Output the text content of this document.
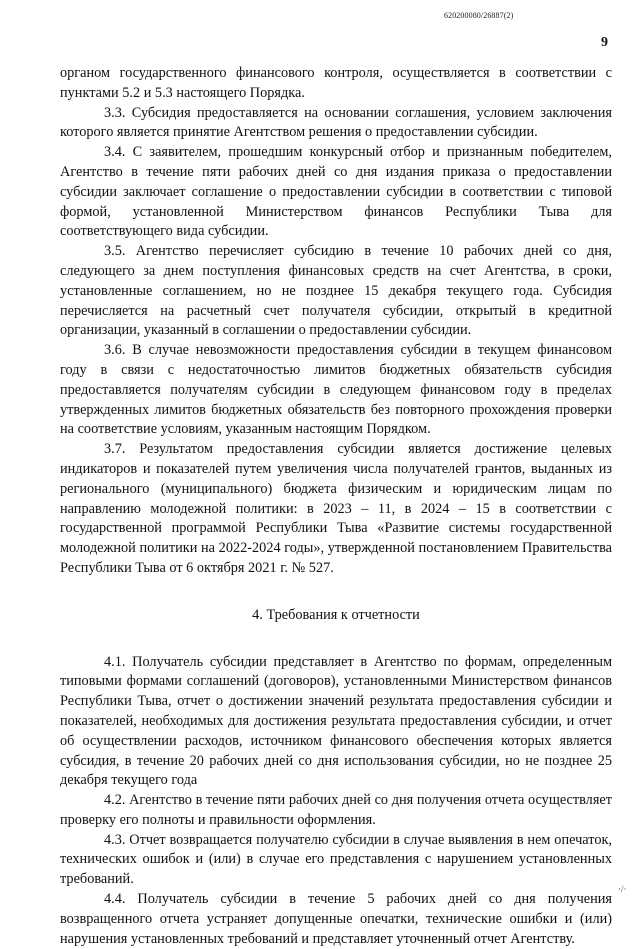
620200080/26887(2)
9

органом государственного финансового контроля, осуществляется в соответствии с пунктами 5.2 и 5.3 настоящего Порядка.

3.3. Субсидия предоставляется на основании соглашения, условием заключения которого является принятие Агентством решения о предоставлении субсидии.

3.4. С заявителем, прошедшим конкурсный отбор и признанным победителем, Агентство в течение пяти рабочих дней со дня издания приказа о предоставлении субсидии заключает соглашение о предоставлении субсидии в соответствии с типовой формой, установленной Министерством финансов Республики Тыва для соответствующего вида субсидии.

3.5. Агентство перечисляет субсидию в течение 10 рабочих дней со дня, следующего за днем поступления финансовых средств на счет Агентства, в сроки, установленные соглашением, но не позднее 15 декабря текущего года. Субсидия перечисляется на расчетный счет получателя субсидии, открытый в кредитной организации, указанный в соглашении о предоставлении субсидии.

3.6. В случае невозможности предоставления субсидии в текущем финансовом году в связи с недостаточностью лимитов бюджетных обязательств субсидия предоставляется получателям субсидии в следующем финансовом году в пределах утвержденных лимитов бюджетных обязательств без повторного прохождения проверки на соответствие условиям, указанным настоящим Порядком.

3.7. Результатом предоставления субсидии является достижение целевых индикаторов и показателей путем увеличения числа получателей грантов, выданных из регионального (муниципального) бюджета физическим и юридическим лицам по направлению молодежной политики: в 2023 – 11, в 2024 – 15 в соответствии с государственной программой Республики Тыва «Развитие системы государственной молодежной политики на 2022-2024 годы», утвержденной постановлением Правительства Республики Тыва от 6 октября 2021 г. № 527.

4. Требования к отчетности

4.1. Получатель субсидии представляет в Агентство по формам, определенным типовыми формами соглашений (договоров), установленными Министерством финансов Республики Тыва, отчет о достижении значений результата предоставления субсидии и показателей, необходимых для достижения результата предоставления субсидии, и отчет об осуществлении расходов, источником финансового обеспечения которых является субсидия, в течение 20 рабочих дней со дня использования субсидии, но не позднее 25 декабря текущего года

4.2. Агентство в течение пяти рабочих дней со дня получения отчета осуществляет проверку его полноты и правильности оформления.

4.3. Отчет возвращается получателю субсидии в случае выявления в нем опечаток, технических ошибок и (или) в случае его представления с нарушением установленных требований.

4.4. Получатель субсидии в течение 5 рабочих дней со дня получения возвращенного отчета устраняет допущенные опечатки, технические ошибки и (или) нарушения установленных требований и представляет уточненный отчет Агентству.

·/·
